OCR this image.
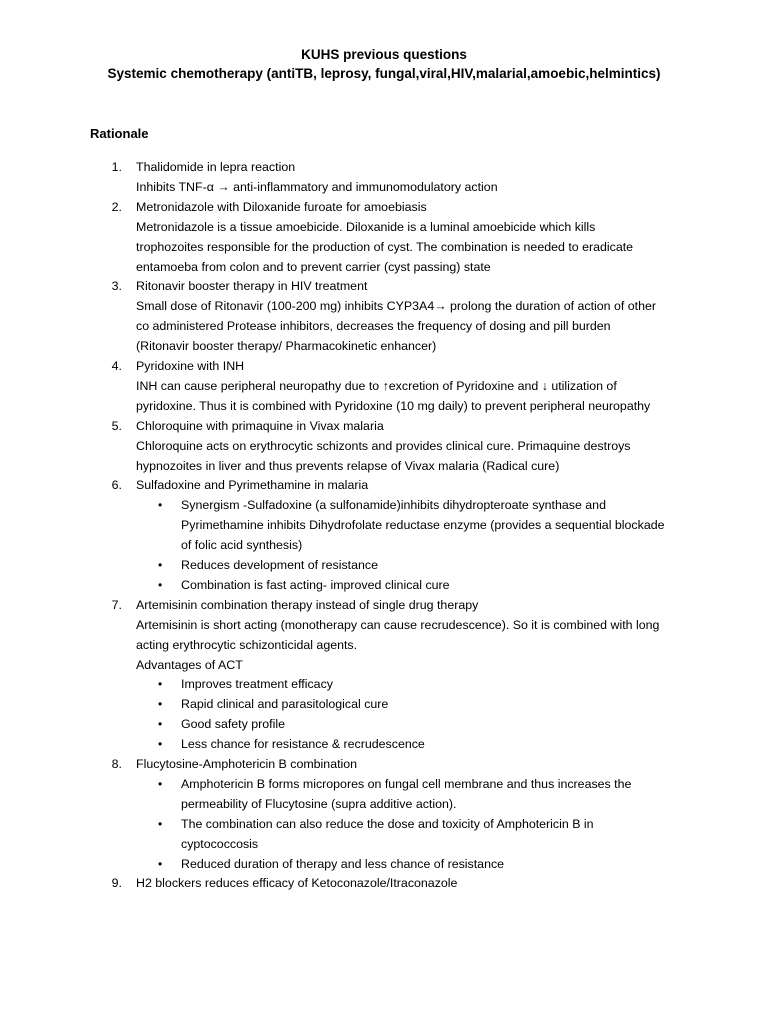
KUHS previous questions
Systemic chemotherapy (antiTB, leprosy, fungal,viral,HIV,malarial,amoebic,helmintics)
Rationale
1. Thalidomide in lepra reaction
Inhibits TNF-α → anti-inflammatory and immunomodulatory action
2. Metronidazole with Diloxanide furoate for amoebiasis
Metronidazole is a tissue amoebicide. Diloxanide is a luminal amoebicide which kills
trophozoites responsible for the production of cyst. The combination is needed to eradicate
entamoeba from colon and to prevent carrier (cyst passing) state
3. Ritonavir booster therapy in HIV treatment
Small dose of Ritonavir (100-200 mg) inhibits CYP3A4→ prolong the duration of action of other
co administered Protease inhibitors, decreases the frequency of dosing and pill burden
(Ritonavir booster therapy/ Pharmacokinetic enhancer)
4. Pyridoxine with INH
INH can cause peripheral neuropathy due to ↑excretion of Pyridoxine and ↓ utilization of
pyridoxine. Thus it is combined with Pyridoxine (10 mg daily) to prevent peripheral neuropathy
5. Chloroquine with primaquine in Vivax malaria
Chloroquine acts on erythrocytic schizonts and provides clinical cure. Primaquine destroys
hypnozoites in liver and thus prevents relapse of Vivax malaria (Radical cure)
6. Sulfadoxine and Pyrimethamine in malaria
• Synergism -Sulfadoxine (a sulfonamide)inhibits dihydropteroate synthase and
Pyrimethamine inhibits Dihydrofolate reductase enzyme (provides a sequential blockade
of folic acid synthesis)
• Reduces development of resistance
• Combination is fast acting- improved clinical cure
7. Artemisinin combination therapy instead of single drug therapy
Artemisinin is short acting (monotherapy can cause recrudescence). So it is combined with long
acting erythrocytic schizonticidal agents.
Advantages of ACT
• Improves treatment efficacy
• Rapid clinical and parasitological cure
• Good safety profile
• Less chance for resistance & recrudescence
8. Flucytosine-Amphotericin B combination
• Amphotericin B forms micropores on fungal cell membrane and thus increases the
permeability of Flucytosine (supra additive action).
• The combination can also reduce the dose and toxicity of Amphotericin B in
cyptococcosis
• Reduced duration of therapy and less chance of resistance
9. H2 blockers reduces efficacy of Ketoconazole/Itraconazole
